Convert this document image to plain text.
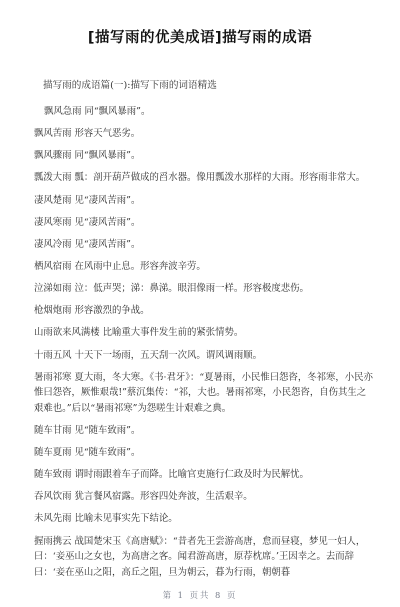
[描写雨的优美成语]描写雨的成语
描写雨的成语篇(一):描写下雨的词语精选
飘风急雨 同“飘风暴雨”。
飘风苦雨 形容天气恶劣。
飘风骤雨 同“飘风暴雨”。
瓢泼大雨 瓢：剖开葫芦做成的舀水器。像用瓢泼水那样的大雨。形容雨非常大。
凄风楚雨 见“凄风苦雨”。
凄风寒雨 见“凄风苦雨”。
凄风冷雨 见“凄风苦雨”。
栖风宿雨 在风雨中止息。形容奔波辛劳。
泣涕如雨 泣：低声哭；涕：鼻涕。眼泪像雨一样。形容极度悲伤。
枪烟炮雨 形容激烈的争战。
山雨欲来风满楼 比喻重大事件发生前的紧张情势。
十雨五风 十天下一场雨，五天刮一次风。谓风调雨顺。
暑雨祁寒 夏大雨，冬大寒。《书·君牙》：“夏暑雨，小民惟曰怨咨，冬祁寒，小民亦惟曰怨咨，厥惟艰哉!”蔡沉集传：“祁，大也。暑雨祁寒，小民怨咨，自伤其生之艰难也。”后以“暑雨祁寒”为怨嗟生计艰难之典。
随车甘雨 见“随车致雨”。
随车夏雨 见“随车致雨”。
随车致雨 谓时雨跟着车子而降。比喻官吏施行仁政及时为民解忧。
吞风饮雨 犹言餐风宿露。形容四处奔波，生活艰辛。
未风先雨 比喻未见事实先下结论。
握雨携云 战国楚宋玉《高唐赋》：“昔者先王尝游高唐，怠而昼寝，梦见一妇人，曰：‘妾巫山之女也，为高唐之客。闻君游高唐，原荐枕席。’王因幸之。去而辞曰：‘妾在巫山之阳，高丘之阻，旦为朝云，暮为行雨，朝朝暮
第 1 页共 8 页
